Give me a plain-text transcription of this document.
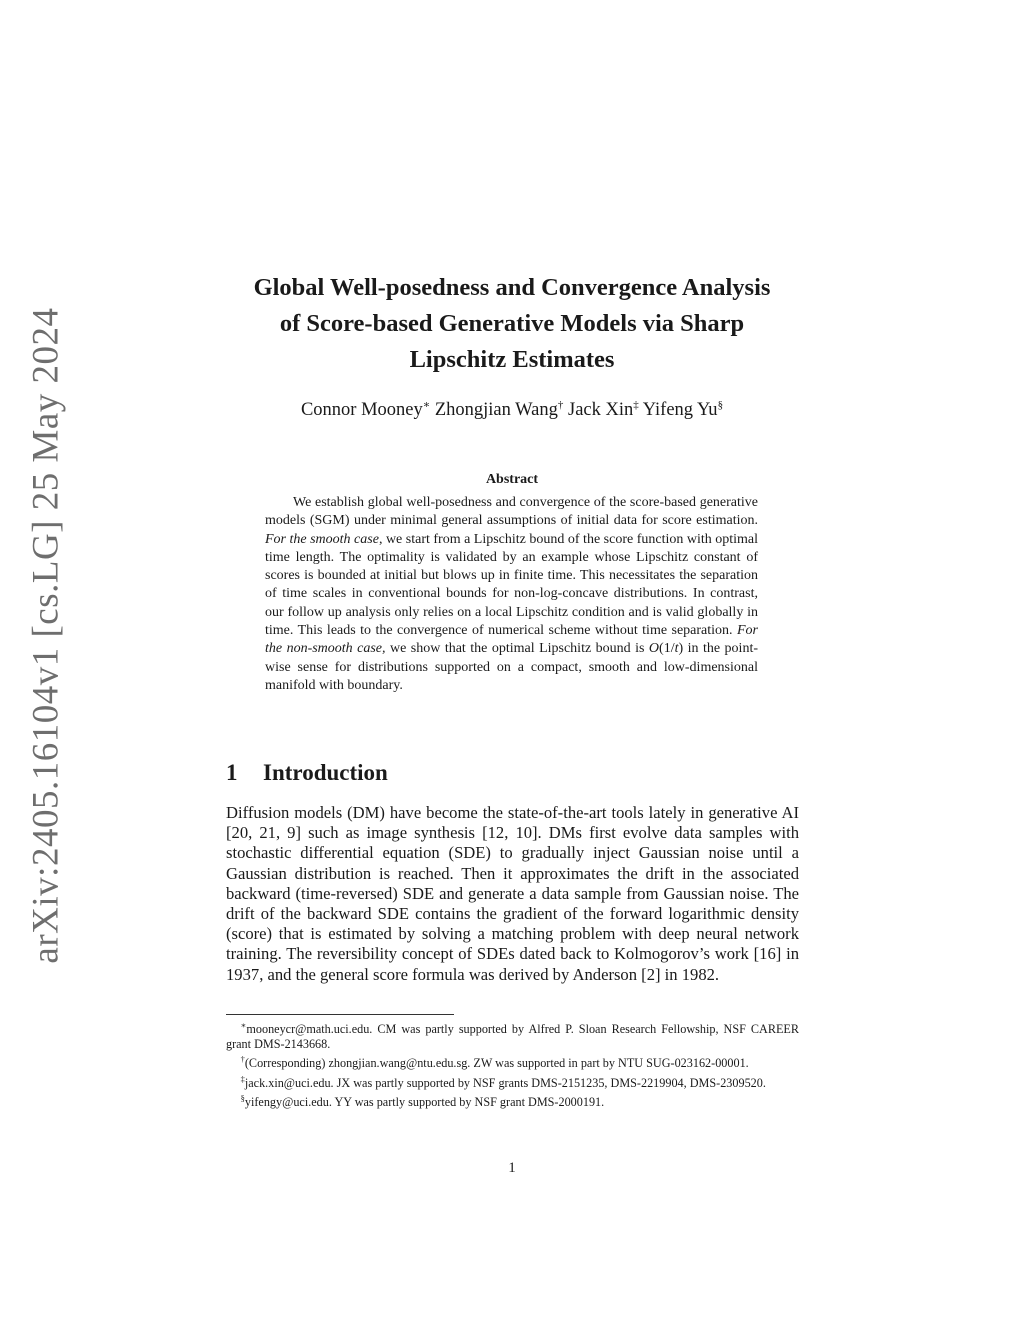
arXiv:2405.16104v1 [cs.LG] 25 May 2024
Global Well-posedness and Convergence Analysis
of Score-based Generative Models via Sharp
Lipschitz Estimates
Connor Mooney∗ Zhongjian Wang† Jack Xin‡ Yifeng Yu§
Abstract

We establish global well-posedness and convergence of the score-based generative models (SGM) under minimal general assumptions of initial data for score estimation. For the smooth case, we start from a Lipschitz bound of the score function with optimal time length. The optimality is validated by an example whose Lipschitz constant of scores is bounded at initial but blows up in finite time. This necessitates the separation of time scales in conventional bounds for non-log-concave distributions. In contrast, our follow up analysis only relies on a local Lipschitz condition and is valid globally in time. This leads to the convergence of numerical scheme without time separation. For the non-smooth case, we show that the optimal Lipschitz bound is O(1/t) in the point-wise sense for distributions supported on a compact, smooth and low-dimensional manifold with boundary.

1 Introduction

Diffusion models (DM) have become the state-of-the-art tools lately in generative AI [20, 21, 9] such as image synthesis [12, 10]. DMs first evolve data samples with stochastic differential equation (SDE) to gradually inject Gaussian noise until a Gaussian distribution is reached. Then it approximates the drift in the associated backward (time-reversed) SDE and generate a data sample from Gaussian noise. The drift of the backward SDE contains the gradient of the forward logarithmic density (score) that is estimated by solving a matching problem with deep neural network training. The reversibility concept of SDEs dated back to Kolmogorov’s work [16] in 1937, and the general score formula was derived by Anderson [2] in 1982.

∗mooneycr@math.uci.edu. CM was partly supported by Alfred P. Sloan Research Fellowship, NSF CAREER grant DMS-2143668.

†(Corresponding) zhongjian.wang@ntu.edu.sg. ZW was supported in part by NTU SUG-023162-00001.

‡jack.xin@uci.edu. JX was partly supported by NSF grants DMS-2151235, DMS-2219904, DMS-2309520.

§yifengy@uci.edu. YY was partly supported by NSF grant DMS-2000191.

1
